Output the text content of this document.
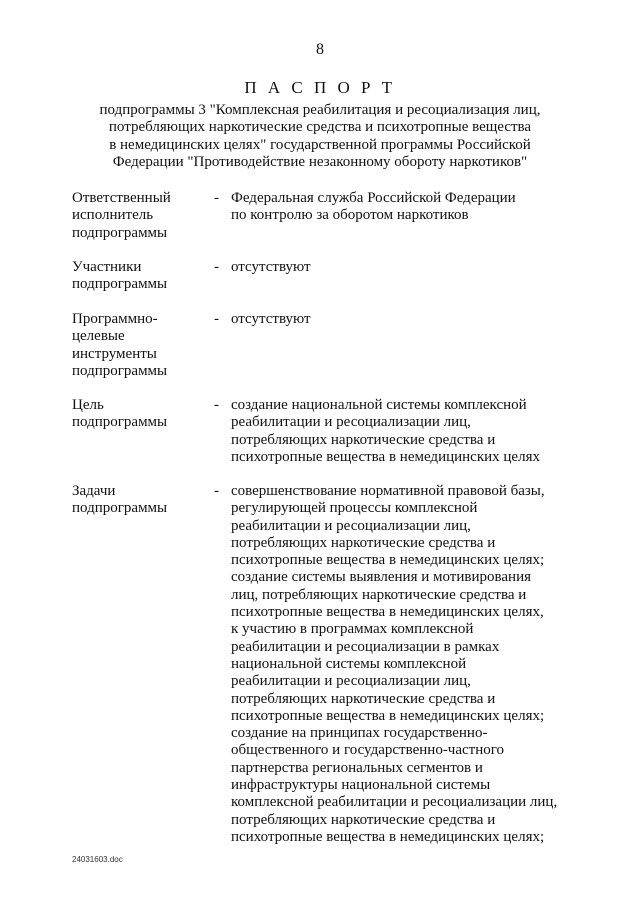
8
П А С П О Р Т
подпрограммы 3 "Комплексная реабилитация и ресоциализация лиц,
потребляющих наркотические средства и психотропные вещества
в немедицинских целях" государственной программы Российской
Федерации "Противодействие незаконному обороту наркотиков"
Ответственный
исполнитель
подпрограммы
- Федеральная служба Российской Федерации
по контролю за оборотом наркотиков
Участники
подпрограммы
- отсутствуют
Программно-
целевые
инструменты
подпрограммы
- отсутствуют
Цель
подпрограммы
- создание национальной системы комплексной
реабилитации и ресоциализации лиц,
потребляющих наркотические средства и
психотропные вещества в немедицинских целях
Задачи
подпрограммы
- совершенствование нормативной правовой базы,
регулирующей процессы комплексной
реабилитации и ресоциализации лиц,
потребляющих наркотические средства и
психотропные вещества в немедицинских целях;
создание системы выявления и мотивирования
лиц, потребляющих наркотические средства и
психотропные вещества в немедицинских целях,
к участию в программах комплексной
реабилитации и ресоциализации в рамках
национальной системы комплексной
реабилитации и ресоциализации лиц,
потребляющих наркотические средства и
психотропные вещества в немедицинских целях;
создание на принципах государственно-
общественного и государственно-частного
партнерства региональных сегментов и
инфраструктуры национальной системы
комплексной реабилитации и ресоциализации лиц,
потребляющих наркотические средства и
психотропные вещества в немедицинских целях;
24031603.doc
